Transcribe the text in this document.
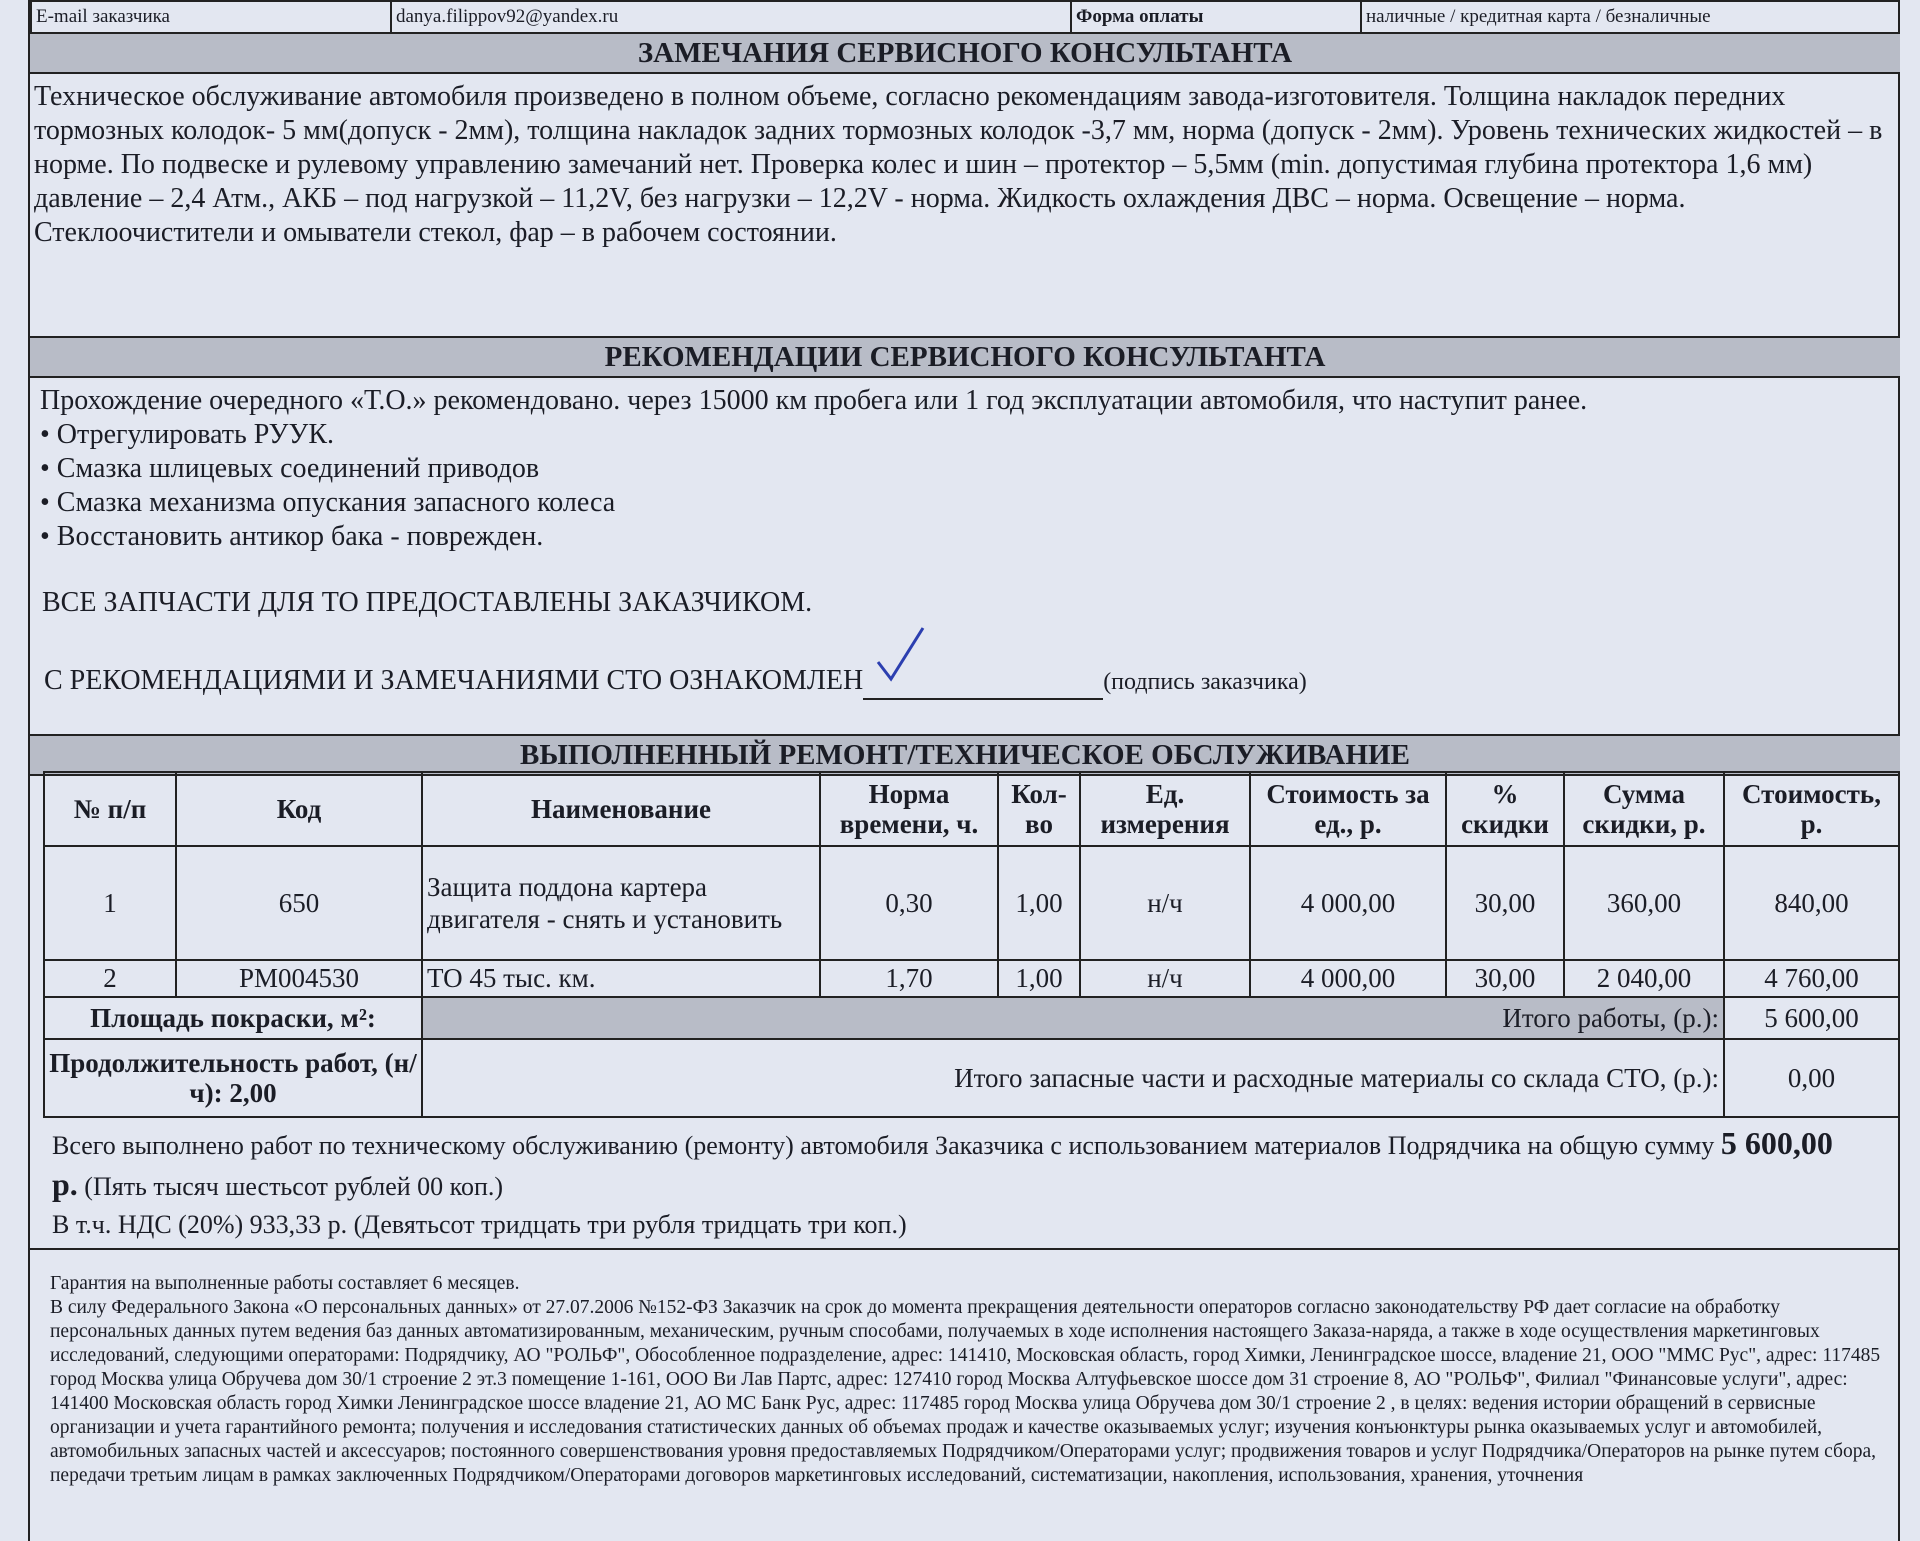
E-mail заказчика	danya.filippov92@yandex.ru	Форма оплаты	наличные / кредитная карта / безналичные
ЗАМЕЧАНИЯ СЕРВИСНОГО КОНСУЛЬТАНТА
Техническое обслуживание автомобиля произведено в полном объеме, согласно рекомендациям завода-изготовителя. Толщина накладок передних тормозных колодок- 5 мм(допуск - 2мм), толщина накладок задних тормозных колодок -3,7 мм, норма (допуск - 2мм). Уровень технических жидкостей – в норме. По подвеске и рулевому управлению замечаний нет. Проверка колес и шин – протектор – 5,5мм (min. допустимая глубина протектора 1,6 мм) давление – 2,4 Атм., АКБ – под нагрузкой – 11,2V, без нагрузки – 12,2V - норма. Жидкость охлаждения ДВС – норма. Освещение – норма. Стеклоочистители и омыватели стекол, фар – в рабочем состоянии.
РЕКОМЕНДАЦИИ СЕРВИСНОГО КОНСУЛЬТАНТА
Прохождение очередного «Т.О.» рекомендовано. через 15000 км пробега или 1 год эксплуатации автомобиля, что наступит ранее.
• Отрегулировать РУУК.
• Смазка шлицевых соединений приводов
• Смазка механизма опускания запасного колеса
• Восстановить антикор бака - поврежден.
ВСЕ ЗАПЧАСТИ ДЛЯ ТО ПРЕДОСТАВЛЕНЫ ЗАКАЗЧИКОМ.
С РЕКОМЕНДАЦИЯМИ И ЗАМЕЧАНИЯМИ СТО ОЗНАКОМЛЕН	(подпись заказчика)
ВЫПОЛНЕННЫЙ РЕМОНТ/ТЕХНИЧЕСКОЕ ОБСЛУЖИВАНИЕ
№ п/п	Код	Наименование	Норма времени, ч.	Кол-во	Ед. измерения	Стоимость за ед., р.	% скидки	Сумма скидки, р.	Стоимость, р.
1	650	Защита поддона картера двигателя - снять и установить	0,30	1,00	н/ч	4 000,00	30,00	360,00	840,00
2	PM004530	ТО 45 тыс. км.	1,70	1,00	н/ч	4 000,00	30,00	2 040,00	4 760,00
Площадь покраски, м²:		Итого работы, (р.):							5 600,00
Продолжительность работ, (н/ч): 2,00		Итого запасные части и расходные материалы со склада СТО, (р.):							0,00
Всего выполнено работ по техническому обслуживанию (ремонту) автомобиля Заказчика с использованием материалов Подрядчика на общую сумму 5 600,00 р. (Пять тысяч шестьсот рублей 00 коп.)
В т.ч. НДС (20%) 933,33 р. (Девятьсот тридцать три рубля тридцать три коп.)
Гарантия на выполненные работы составляет 6 месяцев.
В силу Федерального Закона «О персональных данных» от 27.07.2006 №152-ФЗ Заказчик на срок до момента прекращения деятельности операторов согласно законодательству РФ дает согласие на обработку персональных данных путем ведения баз данных автоматизированным, механическим, ручным способами, получаемых в ходе исполнения настоящего Заказа-наряда, а также в ходе осуществления маркетинговых исследований, следующими операторами: Подрядчику, АО "РОЛЬФ", Обособленное подразделение, адрес: 141410, Московская область, город Химки, Ленинградское шоссе, владение 21, ООО "ММС Рус", адрес: 117485 город Москва улица Обручева дом 30/1 строение 2 эт.3 помещение 1-161, ООО Ви Лав Партс, адрес: 127410 город Москва Алтуфьевское шоссе дом 31 строение 8, АО "РОЛЬФ", Филиал "Финансовые услуги", адрес: 141400 Московская область город Химки Ленинградское шоссе владение 21, АО МС Банк Рус, адрес: 117485 город Москва улица Обручева дом 30/1 строение 2 , в целях: ведения истории обращений в сервисные организации и учета гарантийного ремонта; получения и исследования статистических данных об объемах продаж и качестве оказываемых услуг; изучения конъюнктуры рынка оказываемых услуг и автомобилей, автомобильных запасных частей и аксессуаров; постоянного совершенствования уровня предоставляемых Подрядчиком/Операторами услуг; продвижения товаров и услуг Подрядчика/Операторов на рынке путем сбора, передачи третьим лицам в рамках заключенных Подрядчиком/Операторами договоров маркетинговых исследований, систематизации, накопления, использования, хранения, уточнения
